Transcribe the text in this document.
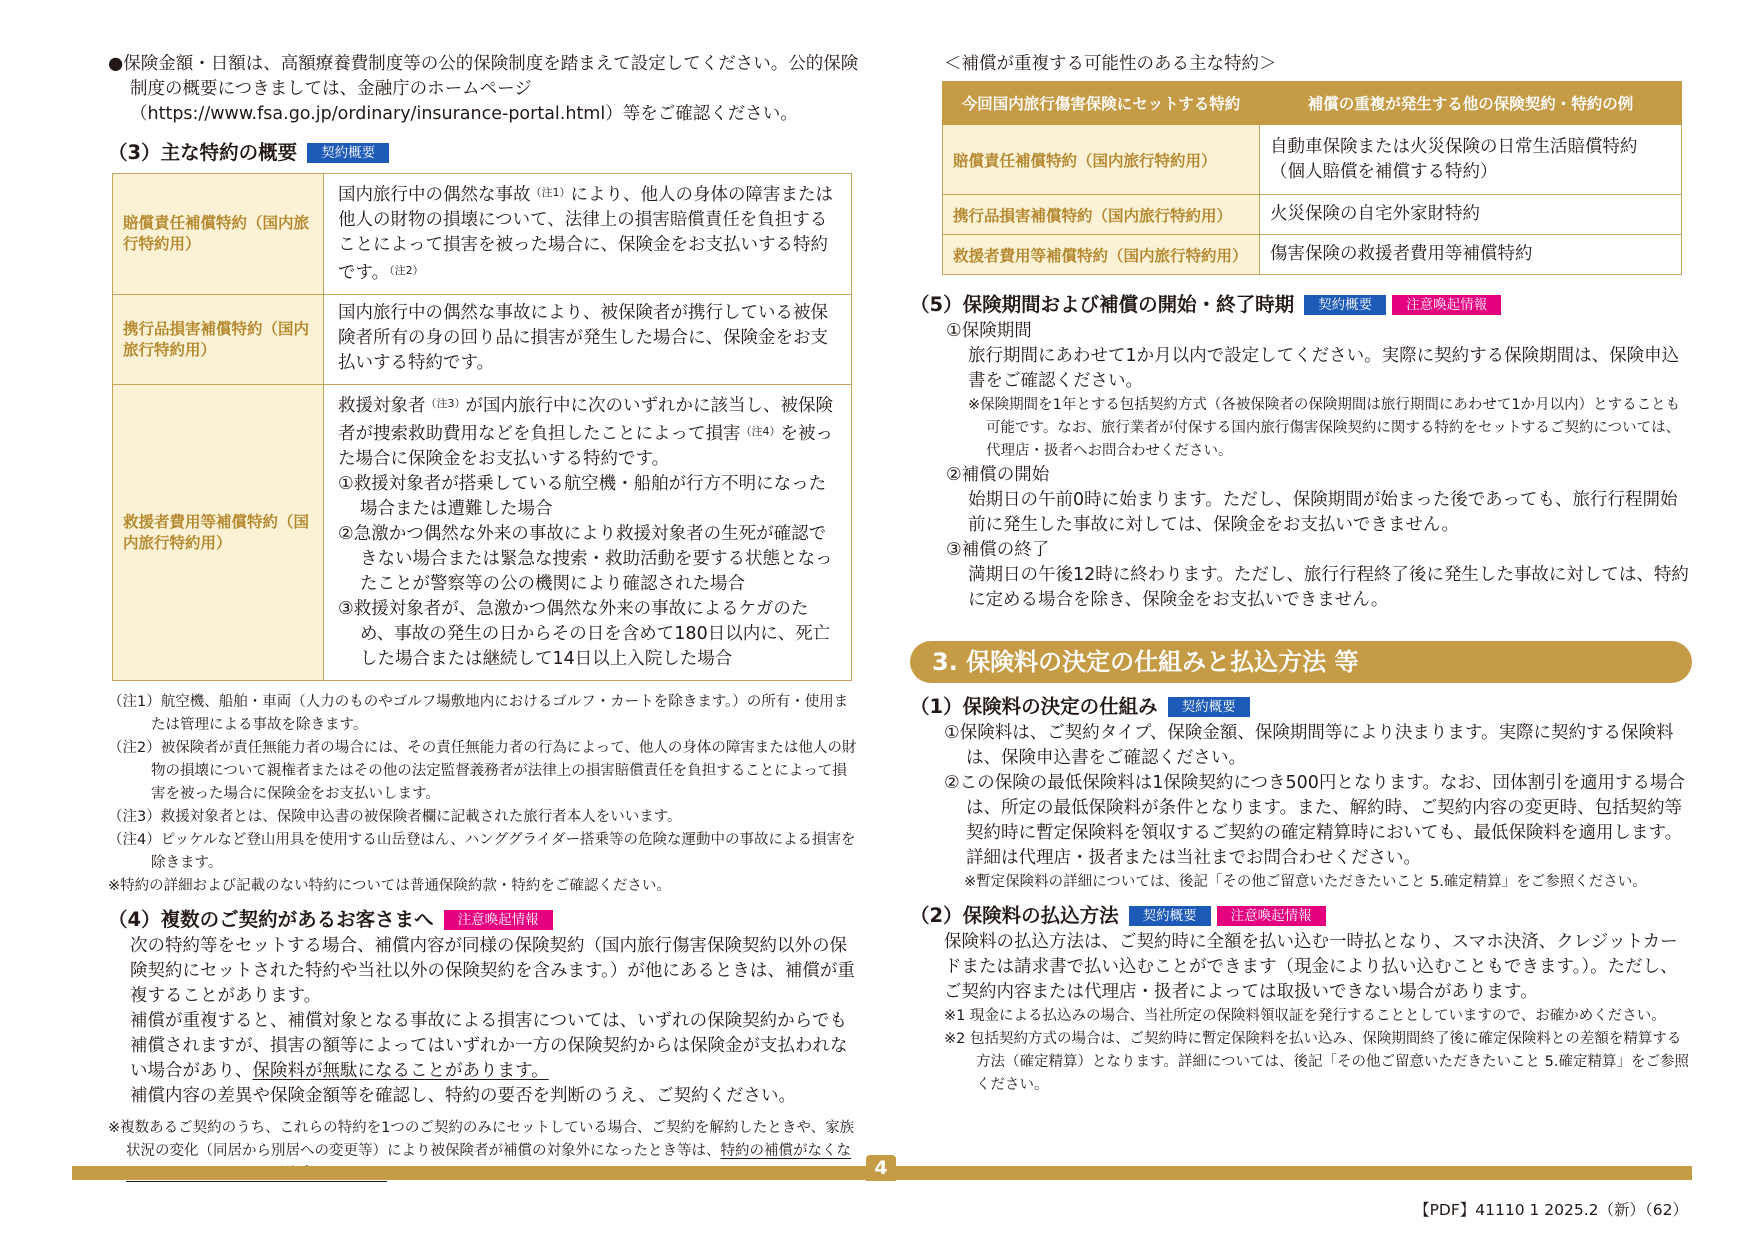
●保険金額・日額は、高額療養費制度等の公的保険制度を踏まえて設定してください。公的保険制度の概要につきましては、金融庁のホームページ（https://www.fsa.go.jp/ordinary/insurance-portal.html）等をご確認ください。

（3）主な特約の概要	契約概要
賠償責任補償特約（国内旅行特約用）	国内旅行中の偶然な事故$^{(注1)}$により、他人の身体の障害または他人の財物の損壊について、法律上の損害賠償責任を負担することによって損害を被った場合に、保険金をお支払いする特約です。$^{(注2)}$
携行品損害補償特約（国内旅行特約用）	国内旅行中の偶然な事故により、被保険者が携行している被保険者所有の身の回り品に損害が発生した場合に、保険金をお支払いする特約です。
救援者費用等補償特約（国内旅行特約用）	救援対象者$^{(注3)}$が国内旅行中に次のいずれかに該当し、被保険者が捜索救助費用などを負担したことによって損害$^{(注4)}$を被った場合に保険金をお支払いする特約です。
①救援対象者が搭乗している航空機・船舶が行方不明になった場合または遭難した場合
②急激かつ偶然な外来の事故により救援対象者の生死が確認できない場合または緊急な捜索・救助活動を要する状態となったことが警察等の公の機関により確認された場合
③救援対象者が、急激かつ偶然な外来の事故によるケガのため、事故の発生の日からその日を含めて180日以内に、死亡した場合または継続して14日以上入院した場合

（注1）航空機、船舶・車両（人力のものやゴルフ場敷地内におけるゴルフ・カートを除きます。）の所有・使用または管理による事故を除きます。

（注2）被保険者が責任無能力者の場合には、その責任無能力者の行為によって、他人の身体の障害または他人の財物の損壊について親権者またはその他の法定監督義務者が法律上の損害賠償責任を負担することによって損害を被った場合に保険金をお支払いします。

（注3）救援対象者とは、保険申込書の被保険者欄に記載された旅行者本人をいいます。

（注4）ピッケルなど登山用具を使用する山岳登はん、ハンググライダー搭乗等の危険な運動中の事故による損害を除きます。

※特約の詳細および記載のない特約については普通保険約款・特約をご確認ください。

（4）複数のご契約があるお客さまへ	注意喚起情報

次の特約等をセットする場合、補償内容が同様の保険契約（国内旅行傷害保険契約以外の保険契約にセットされた特約や当社以外の保険契約を含みます。）が他にあるときは、補償が重複することがあります。

補償が重複すると、補償対象となる事故による損害については、いずれの保険契約からでも補償されますが、損害の額等によってはいずれか一方の保険契約からは保険金が支払われない場合があり、保険料が無駄になることがあります。

補償内容の差異や保険金額等を確認し、特約の要否を判断のうえ、ご契約ください。

※複数あるご契約のうち、これらの特約を1つのご契約のみにセットしている場合、ご契約を解約したときや、家族状況の変化（同居から別居への変更等）により被保険者が補償の対象外になったとき等は、特約の補償がなくな

＜補償が重複する可能性のある主な特約＞

今回国内旅行傷害保険にセットする特約	補償の重複が発生する他の保険契約・特約の例
賠償責任補償特約（国内旅行特約用）	自動車保険または火災保険の日常生活賠償特約（個人賠償を補償する特約）
携行品損害補償特約（国内旅行特約用）	火災保険の自宅外家財特約
救援者費用等補償特約（国内旅行特約用）	傷害保険の救援者費用等補償特約
（5）保険期間および補償の開始・終了時期	契約概要	注意喚起情報

①保険期間

旅行期間にあわせて1か月以内で設定してください。実際に契約する保険期間は、保険申込書をご確認ください。

※保険期間を1年とする包括契約方式（各被保険者の保険期間は旅行期間にあわせて1か月以内）とすることも可能です。なお、旅行業者が付保する国内旅行傷害保険契約に関する特約をセットするご契約については、代理店・扱者へお問合わせください。

②補償の開始

始期日の午前0時に始まります。ただし、保険期間が始まった後であっても、旅行行程開始前に発生した事故に対しては、保険金をお支払いできません。

③補償の終了

満期日の午後12時に終わります。ただし、旅行行程終了後に発生した事故に対しては、特約に定める場合を除き、保険金をお支払いできません。

3. 保険料の決定の仕組みと払込方法 等
（1）保険料の決定の仕組み	契約概要

①保険料は、ご契約タイプ、保険金額、保険期間等により決まります。実際に契約する保険料は、保険申込書をご確認ください。

②この保険の最低保険料は1保険契約につき500円となります。なお、団体割引を適用する場合は、所定の最低保険料が条件となります。また、解約時、ご契約内容の変更時、包括契約等契約時に暫定保険料を領収するご契約の確定精算時においても、最低保険料を適用します。詳細は代理店・扱者または当社までお問合わせください。

※暫定保険料の詳細については、後記「その他ご留意いただきたいこと 5.確定精算」をご参照ください。

（2）保険料の払込方法	契約概要	注意喚起情報

保険料の払込方法は、ご契約時に全額を払い込む一時払となり、スマホ決済、クレジットカードまたは請求書で払い込むことができます（現金により払い込むこともできます。）。ただし、ご契約内容または代理店・扱者によっては取扱いできない場合があります。

※1 現金による払込みの場合、当社所定の保険料領収証を発行することとしていますので、お確かめください。

※2 包括契約方式の場合は、ご契約時に暫定保険料を払い込み、保険期間終了後に確定保険料との差額を精算する方法（確定精算）となります。詳細については、後記「その他ご留意いただきたいこと 5.確定精算」をご参照ください。

4
【PDF】41110 1 2025.2（新）（62）
